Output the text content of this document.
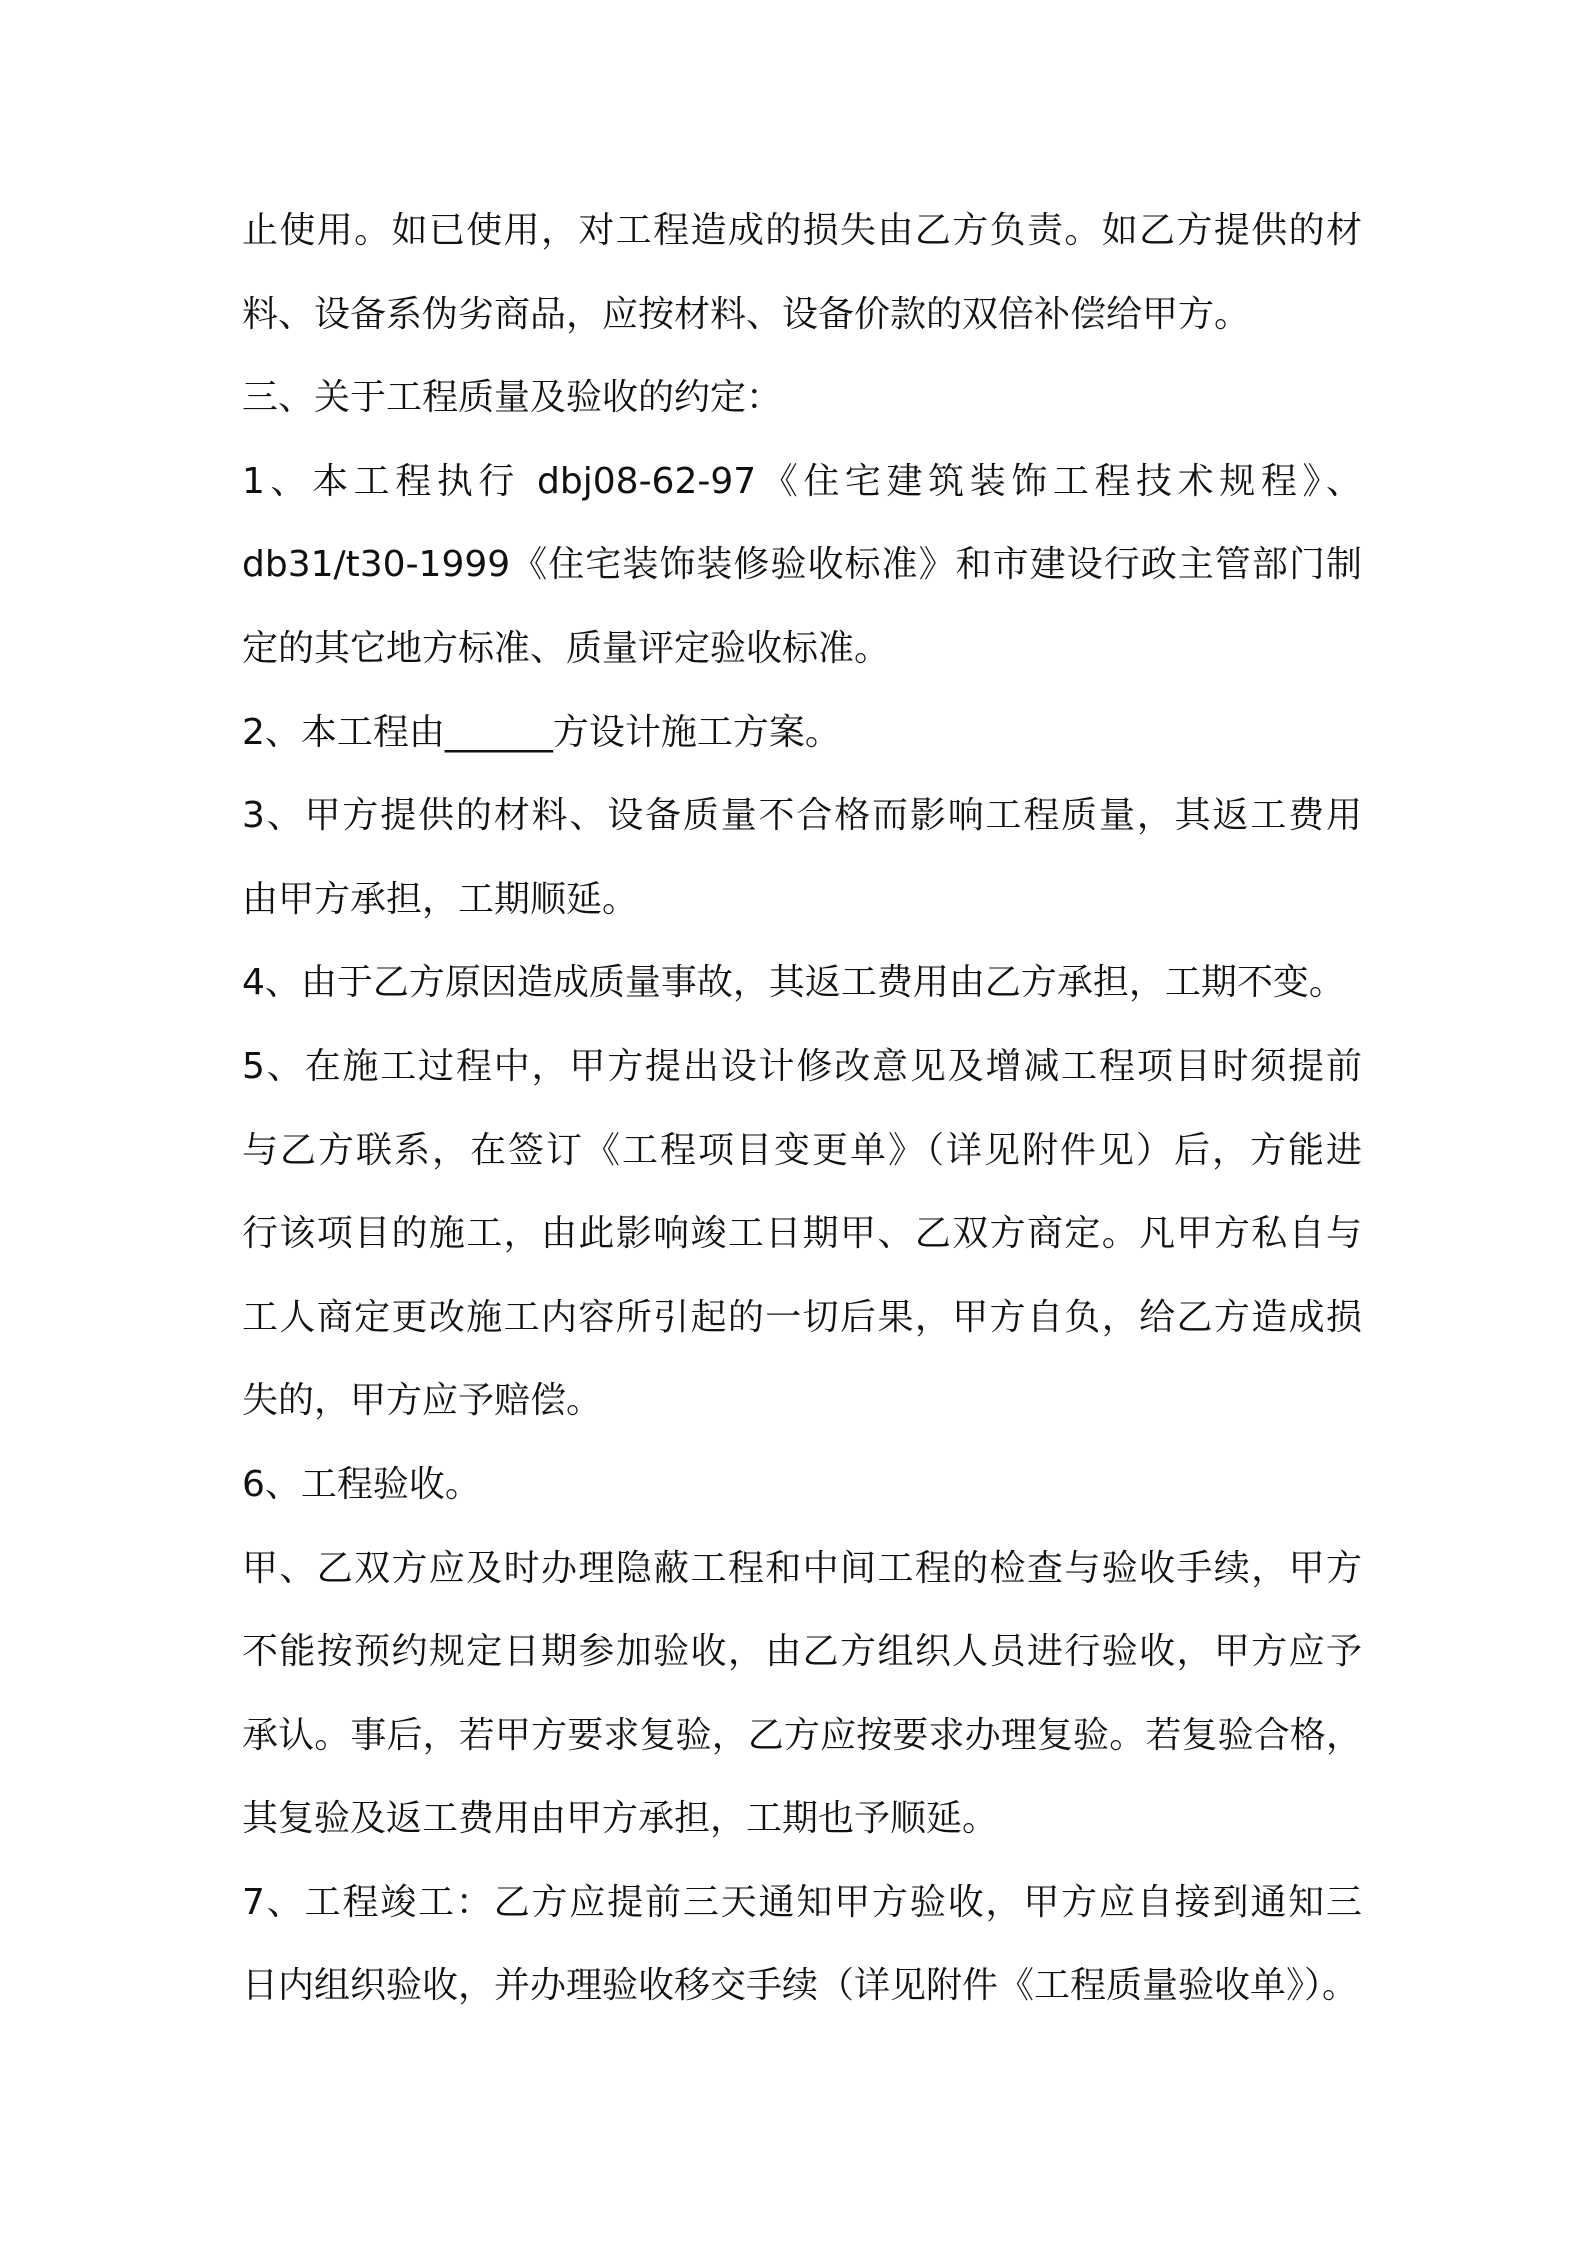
止使用。如已使用，对工程造成的损失由乙方负责。如乙方提供的材
料、设备系伪劣商品，应按材料、设备价款的双倍补偿给甲方。
三、关于工程质量及验收的约定：
1、本工程执行 dbj08-62-97《住宅建筑装饰工程技术规程》、
db31/t30-1999《住宅装饰装修验收标准》和市建设行政主管部门制
定的其它地方标准、质量评定验收标准。
2、本工程由______方设计施工方案。
3、甲方提供的材料、设备质量不合格而影响工程质量，其返工费用
由甲方承担，工期顺延。
4、由于乙方原因造成质量事故，其返工费用由乙方承担，工期不变。
5、在施工过程中，甲方提出设计修改意见及增减工程项目时须提前
与乙方联系，在签订《工程项目变更单》（详见附件见）后，方能进
行该项目的施工，由此影响竣工日期甲、乙双方商定。凡甲方私自与
工人商定更改施工内容所引起的一切后果，甲方自负，给乙方造成损
失的，甲方应予赔偿。
6、工程验收。
甲、乙双方应及时办理隐蔽工程和中间工程的检查与验收手续，甲方
不能按预约规定日期参加验收，由乙方组织人员进行验收，甲方应予
承认。事后，若甲方要求复验，乙方应按要求办理复验。若复验合格，
其复验及返工费用由甲方承担，工期也予顺延。
7、工程竣工：乙方应提前三天通知甲方验收，甲方应自接到通知三
日内组织验收，并办理验收移交手续（详见附件《工程质量验收单》）。
